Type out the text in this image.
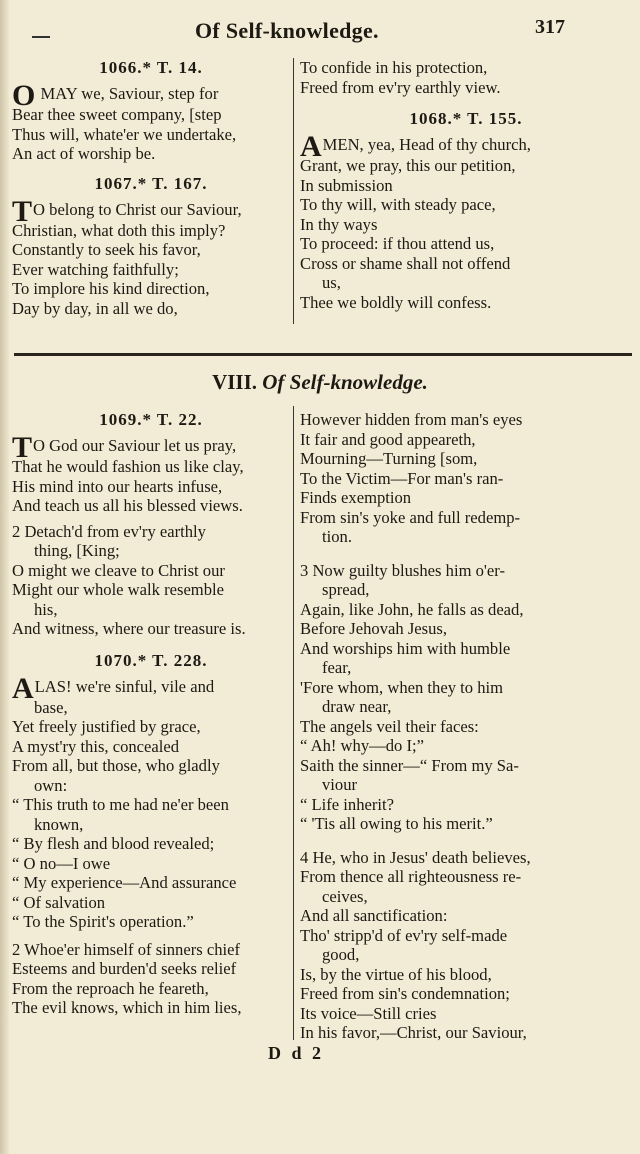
Of Self-knowledge.	317
1066.* T. 14.
O MAY we, Saviour, step for
Bear thee sweet company, [step
Thus will, whate'er we undertake,
An act of worship be.
1067.* T. 167.
TO belong to Christ our Saviour,
Christian, what doth this imply?
Constantly to seek his favor,
Ever watching faithfully;
To implore his kind direction,
Day by day, in all we do,
To confide in his protection,
Freed from ev'ry earthly view.
1068.* T. 155.
AMEN, yea, Head of thy church,
Grant, we pray, this our petition,
In submission
To thy will, with steady pace,
In thy ways
To proceed: if thou attend us,
Cross or shame shall not offend
us,
Thee we boldly will confess.
VIII. Of Self-knowledge.
1069.* T. 22.
TO God our Saviour let us pray,
That he would fashion us like clay,
His mind into our hearts infuse,
And teach us all his blessed views.
2 Detach'd from ev'ry earthly
thing, [King;
O might we cleave to Christ our
Might our whole walk resemble
his,
And witness, where our treasure is.
1070.* T. 228.
ALAS! we're sinful, vile and
base,
Yet freely justified by grace,
A myst'ry this, concealed
From all, but those, who gladly
own:
“ This truth to me had ne'er been
known,
“ By flesh and blood revealed;
“ O no—I owe
“ My experience—And assurance
“ Of salvation
“ To the Spirit's operation.”
2 Whoe'er himself of sinners chief
Esteems and burden'd seeks relief
From the reproach he feareth,
The evil knows, which in him lies,
However hidden from man's eyes
It fair and good appeareth,
Mourning—Turning [som,
To the Victim—For man's ran-
Finds exemption
From sin's yoke and full redemp-
tion.
3 Now guilty blushes him o'er-
spread,
Again, like John, he falls as dead,
Before Jehovah Jesus,
And worships him with humble
fear,
'Fore whom, when they to him
draw near,
The angels veil their faces:
“ Ah! why—do I;”
Saith the sinner—“ From my Sa-
viour
“ Life inherit?
“ 'Tis all owing to his merit.”
4 He, who in Jesus' death believes,
From thence all righteousness re-
ceives,
And all sanctification:
Tho' stripp'd of ev'ry self-made
good,
Is, by the virtue of his blood,
Freed from sin's condemnation;
Its voice—Still cries
In his favor,—Christ, our Saviour,
D d 2
